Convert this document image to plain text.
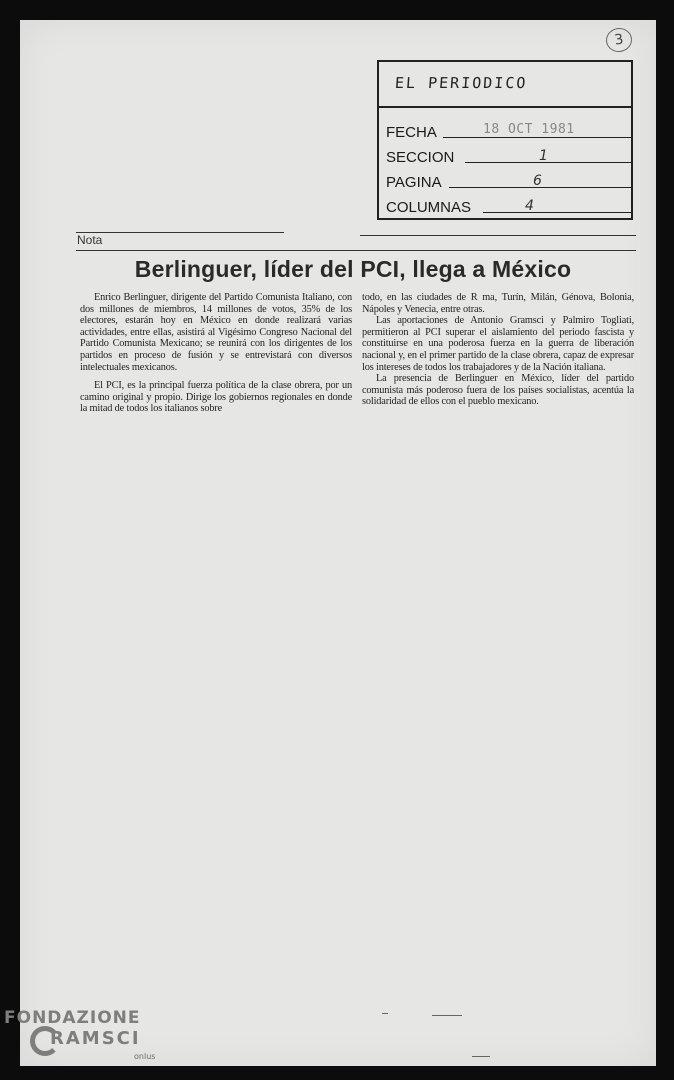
3
EL PERIODICO
FECHA	18 OCT 1981
SECCION	1
PAGINA	6
COLUMNAS	4
Nota
Berlinguer, líder del PCI, llega a México

Enrico Berlinguer, dirigente del Partido Comunista Italiano, con dos millones de miembros, 14 millones de votos, 35% de los electores, estarán hoy en México en donde realizará varias actividades, entre ellas, asistirá al Vigésimo Congreso Nacional del Partido Comunista Mexicano; se reunirá con los dirigentes de los partidos en proceso de fusión y se entrevistará con diversos intelectuales mexicanos.

El PCI, es la principal fuerza política de la clase obrera, por un camino original y propio. Dirige los gobiernos regionales en donde la mitad de todos los italianos sobre

todo, en las ciudades de R ma, Turín, Milán, Génova, Bolonia, Nápoles y Venecia, entre otras.

Las aportaciones de Antonio Gramsci y Palmiro Togliati, permitieron al PCI superar el aislamiento del periodo fascista y constituirse en una poderosa fuerza en la guerra de liberación nacional y, en el primer partido de la clase obrera, capaz de expresar los intereses de todos los trabajadores y de la Nación italiana.

La presencia de Berlinguer en México, líder del partido comunista más poderoso fuera de los países socialistas, acentúa la solidaridad de ellos con el pueblo mexicano.

FONDAZIONE
RAMSCI
onlus
